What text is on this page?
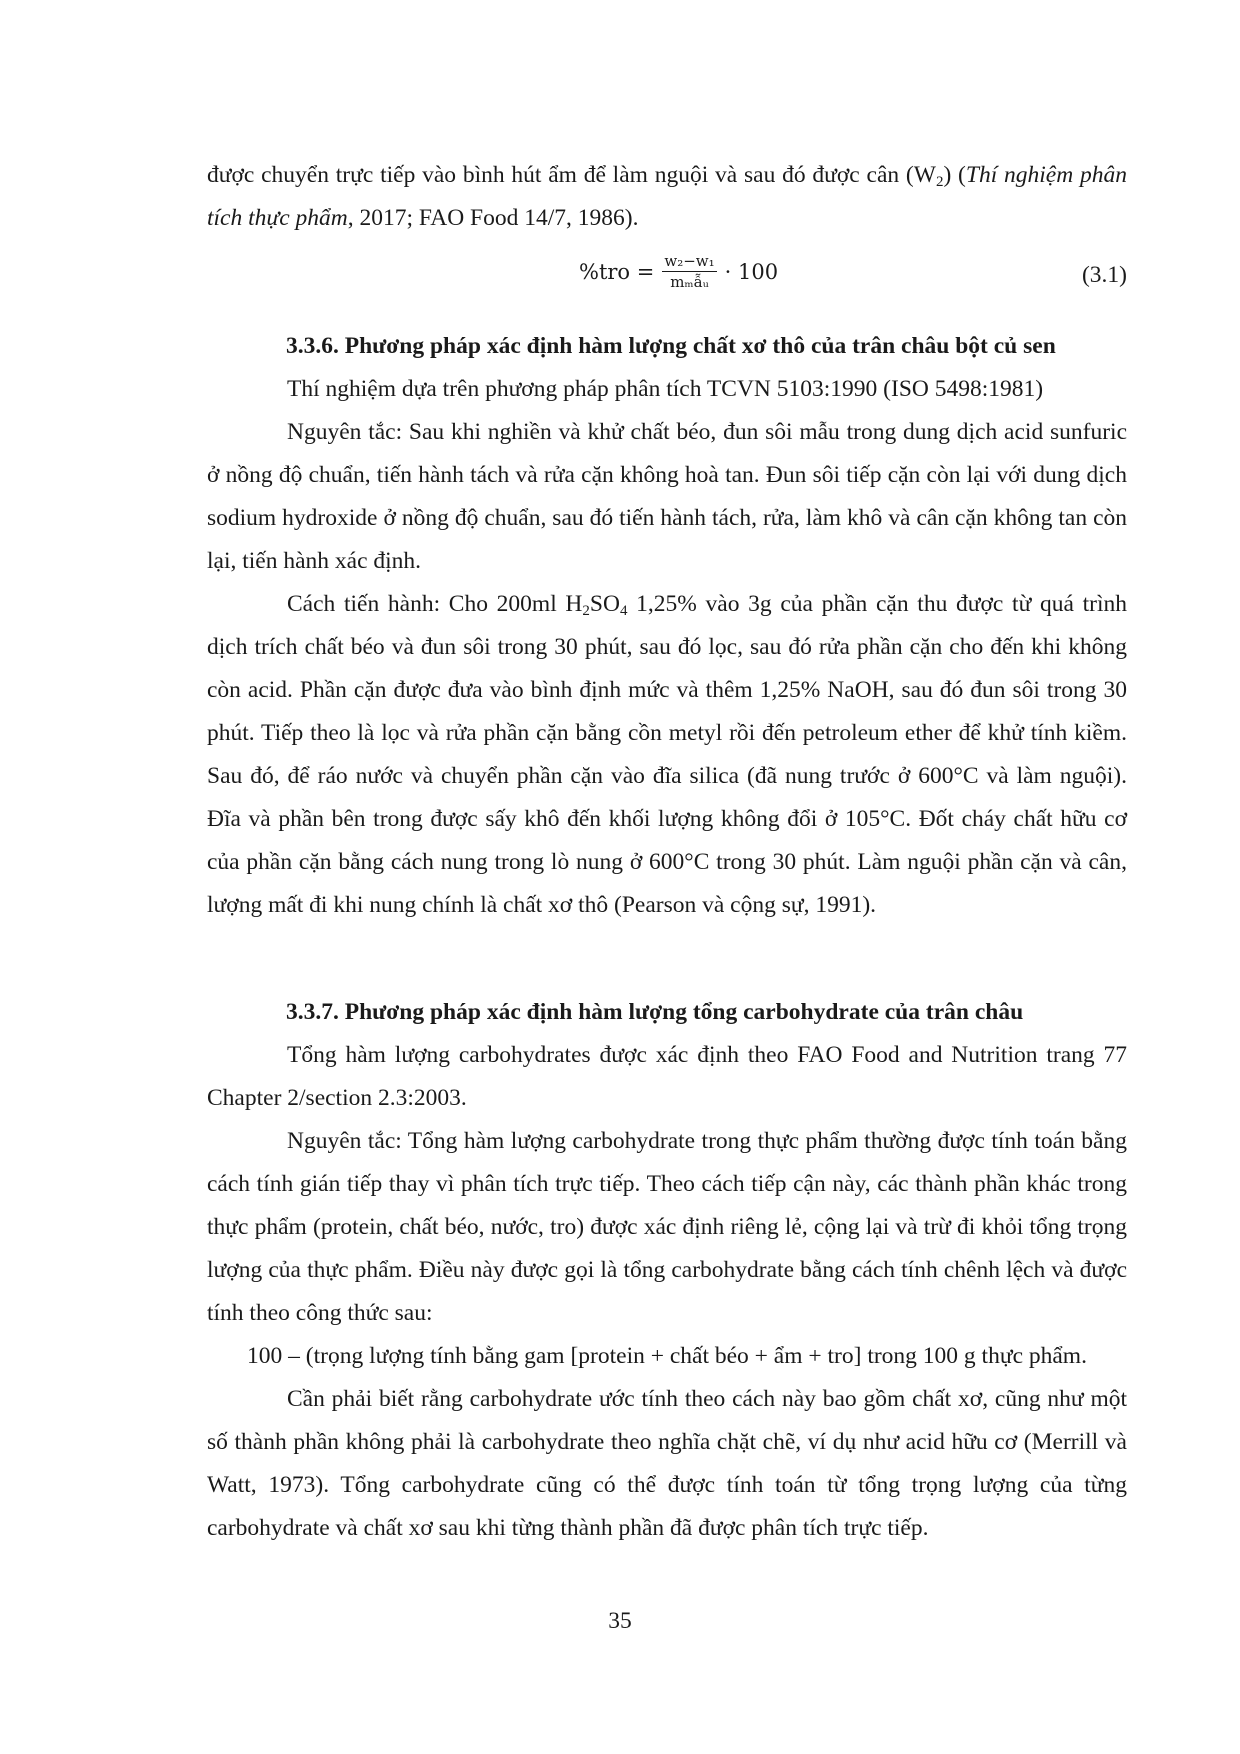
được chuyển trực tiếp vào bình hút ẩm để làm nguội và sau đó được cân $(W_2)$ (Thí nghiệm phân tích thực phẩm, 2017; FAO Food 14/7, 1986).

$\%tro = \frac{\text{w₂−w₁}}{\text{mₘẫᵤ}} \cdot 100$	(3.1)

3.3.6. Phương pháp xác định hàm lượng chất xơ thô của trân châu bột củ sen

Thí nghiệm dựa trên phương pháp phân tích TCVN 5103:1990 (ISO 5498:1981)

Nguyên tắc: Sau khi nghiền và khử chất béo, đun sôi mẫu trong dung dịch acid sunfuric ở nồng độ chuẩn, tiến hành tách và rửa cặn không hoà tan. Đun sôi tiếp cặn còn lại với dung dịch sodium hydroxide ở nồng độ chuẩn, sau đó tiến hành tách, rửa, làm khô và cân cặn không tan còn lại, tiến hành xác định.

Cách tiến hành: Cho 200ml $H_2SO_4$ 1,25% vào 3g của phần cặn thu được từ quá trình dịch trích chất béo và đun sôi trong 30 phút, sau đó lọc, sau đó rửa phần cặn cho đến khi không còn acid. Phần cặn được đưa vào bình định mức và thêm 1,25% NaOH, sau đó đun sôi trong 30 phút. Tiếp theo là lọc và rửa phần cặn bằng cồn metyl rồi đến petroleum ether để khử tính kiềm. Sau đó, để ráo nước và chuyển phần cặn vào đĩa silica (đã nung trước ở 600°C và làm nguội). Đĩa và phần bên trong được sấy khô đến khối lượng không đổi ở 105°C. Đốt cháy chất hữu cơ của phần cặn bằng cách nung trong lò nung ở 600°C trong 30 phút. Làm nguội phần cặn và cân, lượng mất đi khi nung chính là chất xơ thô (Pearson và cộng sự, 1991).

3.3.7. Phương pháp xác định hàm lượng tổng carbohydrate của trân châu

Tổng hàm lượng carbohydrates được xác định theo FAO Food and Nutrition trang 77 Chapter 2/section 2.3:2003.

Nguyên tắc: Tổng hàm lượng carbohydrate trong thực phẩm thường được tính toán bằng cách tính gián tiếp thay vì phân tích trực tiếp. Theo cách tiếp cận này, các thành phần khác trong thực phẩm (protein, chất béo, nước, tro) được xác định riêng lẻ, cộng lại và trừ đi khỏi tổng trọng lượng của thực phẩm. Điều này được gọi là tổng carbohydrate bằng cách tính chênh lệch và được tính theo công thức sau:

100 – (trọng lượng tính bằng gam [protein + chất béo + ẩm + tro] trong 100 g thực phẩm.

Cần phải biết rằng carbohydrate ước tính theo cách này bao gồm chất xơ, cũng như một số thành phần không phải là carbohydrate theo nghĩa chặt chẽ, ví dụ như acid hữu cơ (Merrill và Watt, 1973). Tổng carbohydrate cũng có thể được tính toán từ tổng trọng lượng của từng carbohydrate và chất xơ sau khi từng thành phần đã được phân tích trực tiếp.

35
